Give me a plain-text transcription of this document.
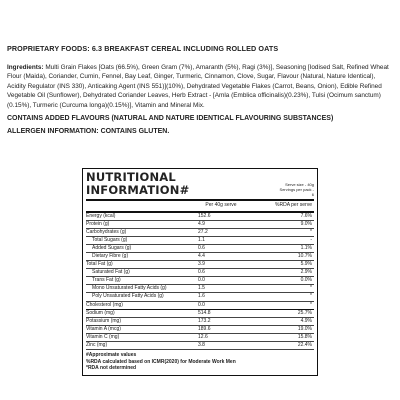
PROPRIETARY FOODS: 6.3 BREAKFAST CEREAL INCLUDING ROLLED OATS

Ingredients: Multi Grain Flakes [Oats (66.5%), Green Gram (7%), Amaranth (5%), Ragi (3%)], Seasoning [Iodised Salt, Refined Wheat Flour (Maida), Coriander, Cumin, Fennel, Bay Leaf, Ginger, Turmeric, Cinnamon, Clove, Sugar, Flavour (Natural, Nature Identical), Acidity Regulator (INS 330), Anticaking Agent (INS 551)](10%), Dehydrated Vegetable Flakes (Carrot, Beans, Onion), Edible Refined Vegetable Oil (Sunflower), Dehydrated Coriander Leaves, Herb Extract - [Amla (Emblica officinalis)(0.23%), Tulsi (Ocimum sanctum)(0.15%), Turmeric (Curcuma longa)(0.15%)], Vitamin and Mineral Mix.
CONTAINS ADDED FLAVOURS (NATURAL AND NATURE IDENTICAL FLAVOURING SUBSTANCES)
ALLERGEN INFORMATION: CONTAINS GLUTEN.
NUTRITIONAL INFORMATION#	Serve size - 40g
Servings per pack - 6
Per 40g serve	%RDA per serve
Energy (kcal)	152.6	7.6%
Protein (g)	4.9	9.0%
Carbohydrates (g)	27.2	*
Total Sugars (g)	1.1	-
Added Sugars (g)	0.6	1.1%
Dietary Fibre (g)	4.4	10.7%
Total Fat (g)	3.9	5.9%
Saturated Fat (g)	0.6	2.9%
Trans Fat (g)	0.0	0.0%
Mono Unsaturated Fatty Acids (g)	1.5	*
Poly Unsaturated Fatty Acids (g)	1.6	*
Cholesterol (mg)	0.0	*
Sodium (mg)	514.8	25.7%
Potassium (mg)	173.2	4.9%
Vitamin A (mcg)	189.6	19.0%
Vitamin C (mg)	12.6	15.8%
Zinc (mg)	3.8	22.4%
#Approximate values
%RDA calculated based on ICMR(2020) for Moderate Work Men
*RDA not determined
